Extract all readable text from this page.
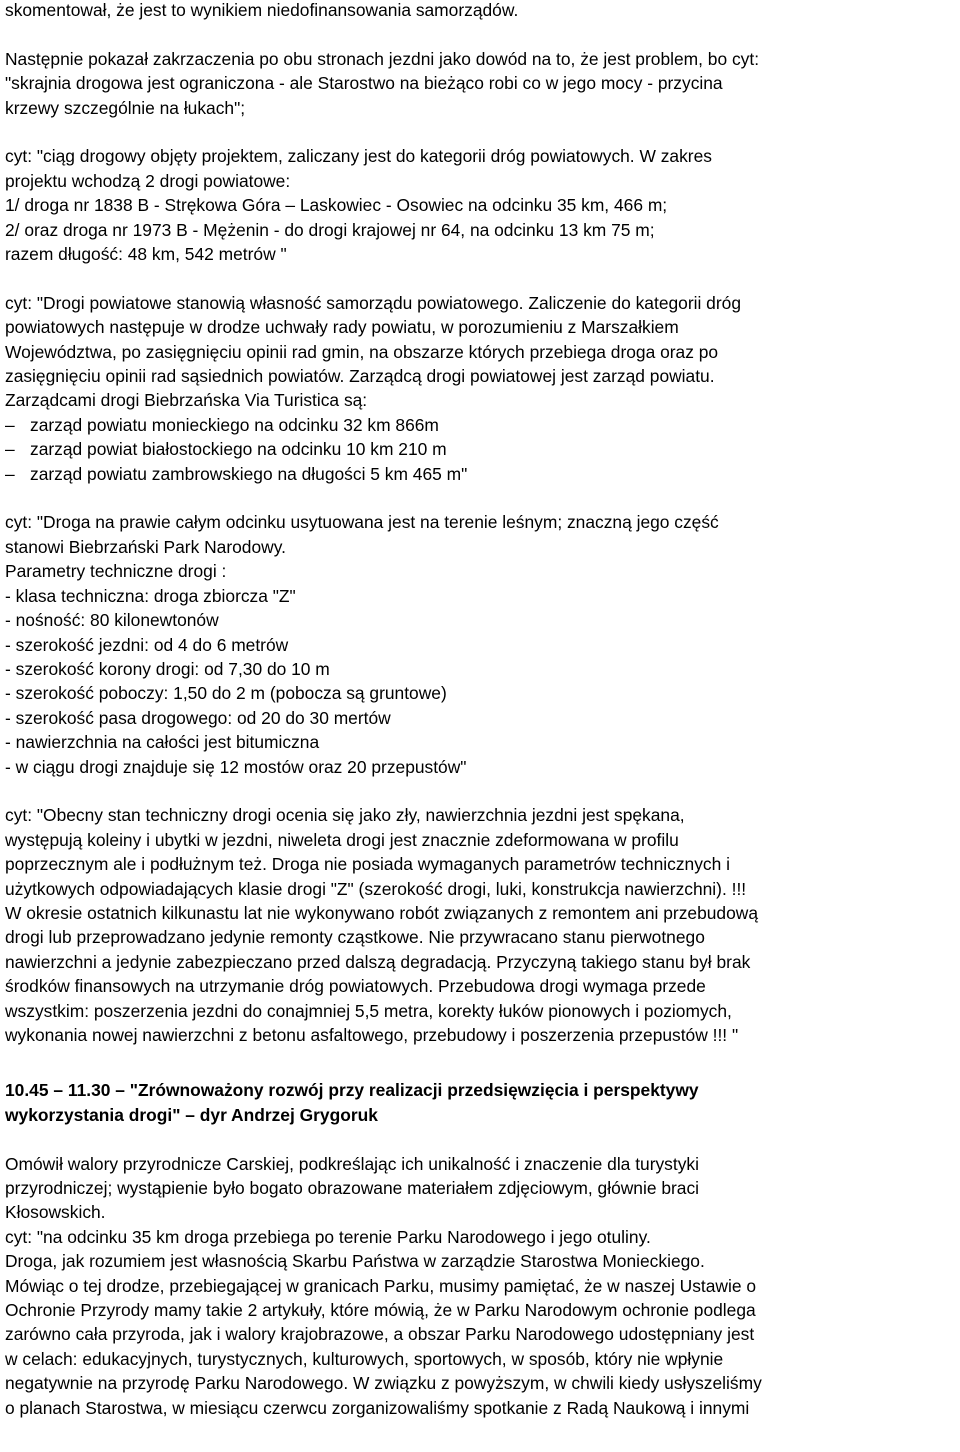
skomentował, że jest to wynikiem niedofinansowania samorządów.
Następnie pokazał zakrzaczenia po obu stronach jezdni jako dowód na to, że jest problem, bo cyt:
"skrajnia drogowa jest ograniczona - ale Starostwo na bieżąco robi co w jego mocy - przycina
krzewy szczególnie na łukach";
cyt: "ciąg drogowy objęty projektem, zaliczany jest do kategorii dróg powiatowych. W zakres
projektu wchodzą 2 drogi powiatowe:
1/ droga nr 1838 B - Strękowa Góra – Laskowiec - Osowiec na odcinku 35 km, 466 m;
2/ oraz droga nr 1973 B - Mężenin - do drogi krajowej nr 64, na odcinku 13 km 75 m;
razem długość: 48 km, 542 metrów "
cyt: "Drogi powiatowe stanowią własność samorządu powiatowego. Zaliczenie do kategorii dróg
powiatowych następuje w drodze uchwały rady powiatu, w porozumieniu z Marszałkiem
Województwa, po zasięgnięciu opinii rad gmin, na obszarze których przebiega droga oraz po
zasięgnięciu opinii rad sąsiednich powiatów. Zarządcą drogi powiatowej jest zarząd powiatu.
Zarządcami drogi Biebrzańska Via Turistica są:
– zarząd powiatu monieckiego na odcinku 32 km 866m
– zarząd powiat białostockiego na odcinku 10 km 210 m
– zarząd powiatu zambrowskiego na długości 5 km 465 m"
cyt: "Droga na prawie całym odcinku usytuowana jest na terenie leśnym; znaczną jego część
stanowi Biebrzański Park Narodowy.
Parametry techniczne drogi :
- klasa techniczna: droga zbiorcza "Z"
- nośność: 80 kilonewtonów
- szerokość jezdni: od 4 do 6 metrów
- szerokość korony drogi: od 7,30 do 10 m
- szerokość poboczy: 1,50 do 2 m (pobocza są gruntowe)
- szerokość pasa drogowego: od 20 do 30 mertów
- nawierzchnia na całości jest bitumiczna
- w ciągu drogi znajduje się 12 mostów oraz 20 przepustów"
cyt: "Obecny stan techniczny drogi ocenia się jako zły, nawierzchnia jezdni jest spękana,
występują koleiny i ubytki w jezdni, niweleta drogi jest znacznie zdeformowana w profilu
poprzecznym ale i podłużnym też. Droga nie posiada wymaganych parametrów technicznych i
użytkowych odpowiadających klasie drogi "Z" (szerokość drogi, luki, konstrukcja nawierzchni). !!!
W okresie ostatnich kilkunastu lat nie wykonywano robót związanych z remontem ani przebudową
drogi lub przeprowadzano jedynie remonty cząstkowe. Nie przywracano stanu pierwotnego
nawierzchni a jedynie zabezpieczano przed dalszą degradacją. Przyczyną takiego stanu był brak
środków finansowych na utrzymanie dróg powiatowych. Przebudowa drogi wymaga przede
wszystkim: poszerzenia jezdni do conajmniej 5,5 metra, korekty łuków pionowych i poziomych,
wykonania nowej nawierzchni z betonu asfaltowego, przebudowy i poszerzenia przepustów !!! "
10.45 – 11.30 – "Zrównoważony rozwój przy realizacji przedsięwzięcia i perspektywy
wykorzystania drogi" – dyr Andrzej Grygoruk
Omówił walory przyrodnicze Carskiej, podkreślając ich unikalność i znaczenie dla turystyki
przyrodniczej; wystąpienie było bogato obrazowane materiałem zdjęciowym, głównie braci
Kłosowskich.
cyt: "na odcinku 35 km droga przebiega po terenie Parku Narodowego i jego otuliny.
Droga, jak rozumiem jest własnością Skarbu Państwa w zarządzie Starostwa Monieckiego.
Mówiąc o tej drodze, przebiegającej w granicach Parku, musimy pamiętać, że w naszej Ustawie o
Ochronie Przyrody mamy takie 2 artykuły, które mówią, że w Parku Narodowym ochronie podlega
zarówno cała przyroda, jak i walory krajobrazowe, a obszar Parku Narodowego udostępniany jest
w celach: edukacyjnych, turystycznych, kulturowych, sportowych, w sposób, który nie wpłynie
negatywnie na przyrodę Parku Narodowego. W związku z powyższym, w chwili kiedy usłyszeliśmy
o planach Starostwa, w miesiącu czerwcu zorganizowaliśmy spotkanie z Radą Naukową i innymi
